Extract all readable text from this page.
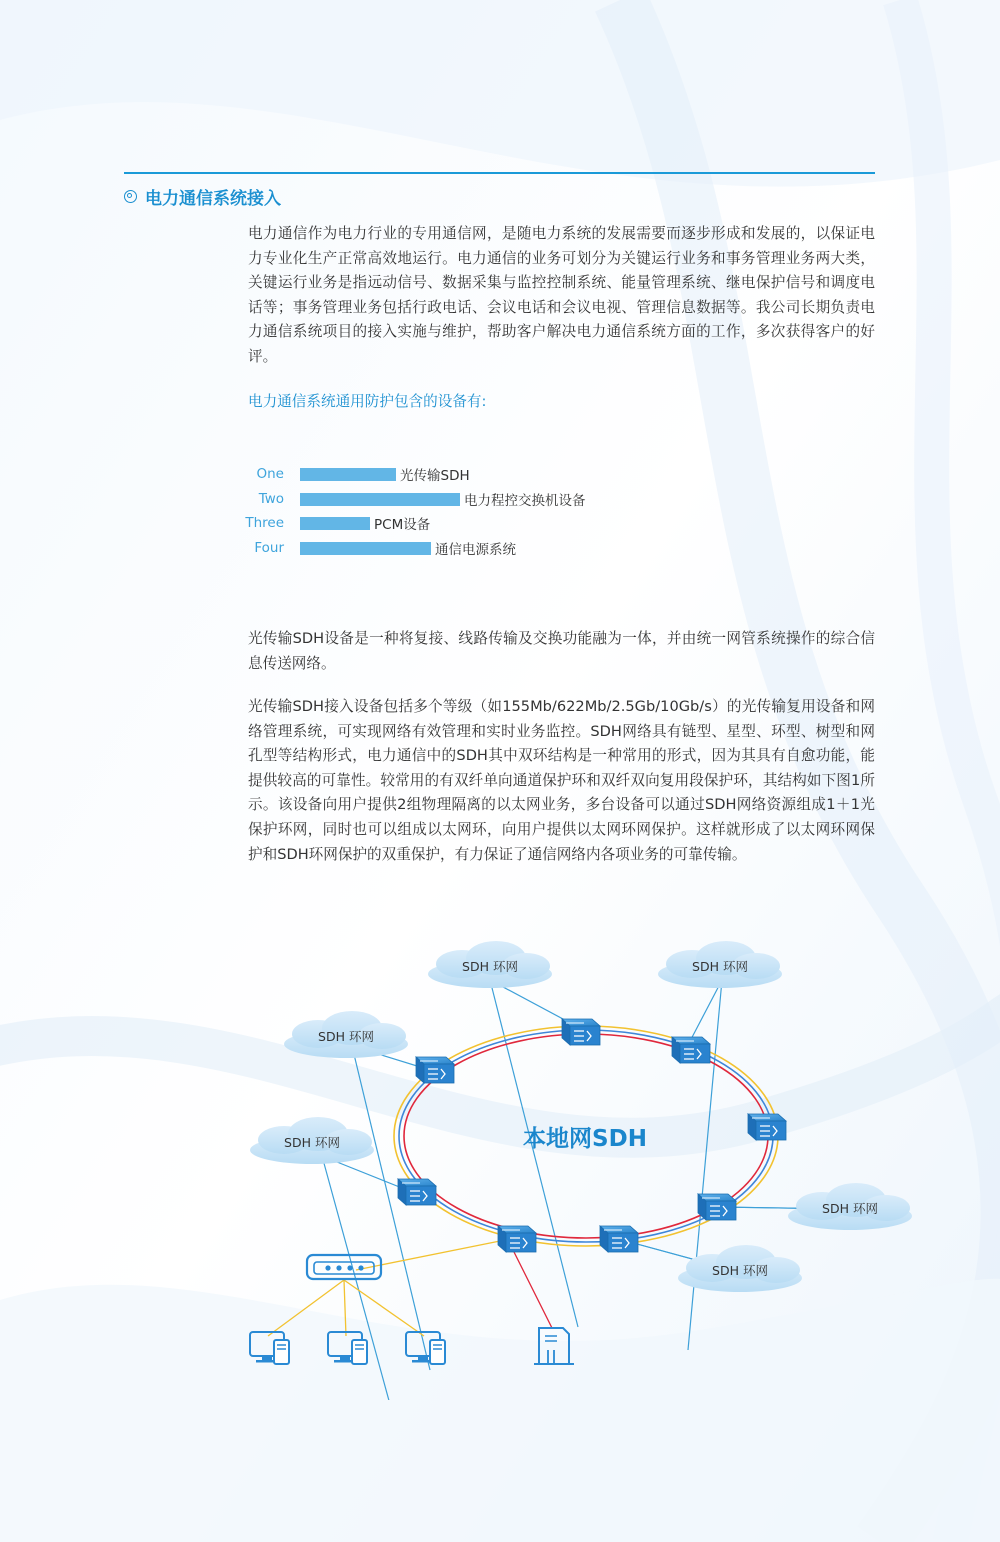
电力通信系统接入
电力通信作为电力行业的专用通信网，是随电力系统的发展需要而逐步形成和发展的，以保证电力专业化生产正常高效地运行。电力通信的业务可划分为关键运行业务和事务管理业务两大类，关键运行业务是指远动信号、数据采集与监控控制系统、能量管理系统、继电保护信号和调度电话等；事务管理业务包括行政电话、会议电话和会议电视、管理信息数据等。我公司长期负责电力通信系统项目的接入实施与维护，帮助客户解决电力通信系统方面的工作，多次获得客户的好评。
电力通信系统通用防护包含的设备有:
One	光传输SDH
Two	电力程控交换机设备
Three	PCM设备
Four	通信电源系统
光传输SDH设备是一种将复接、线路传输及交换功能融为一体，并由统一网管系统操作的综合信息传送网络。
光传输SDH接入设备包括多个等级（如155Mb/622Mb/2.5Gb/10Gb/s）的光传输复用设备和网络管理系统，可实现网络有效管理和实时业务监控。SDH网络具有链型、星型、环型、树型和网孔型等结构形式，电力通信中的SDH其中双环结构是一种常用的形式，因为其具有自愈功能，能提供较高的可靠性。较常用的有双纤单向通道保护环和双纤双向复用段保护环，其结构如下图1所示。该设备向用户提供2组物理隔离的以太网业务，多台设备可以通过SDH网络资源组成1＋1光保护环网，同时也可以组成以太网环，向用户提供以太网环网保护。这样就形成了以太网环网保护和SDH环网保护的双重保护，有力保证了通信网络内各项业务的可靠传输。
本地网SDH
SDH 环网	SDH 环网
SDH 环网
SDH 环网
SDH 环网
SDH 环网
